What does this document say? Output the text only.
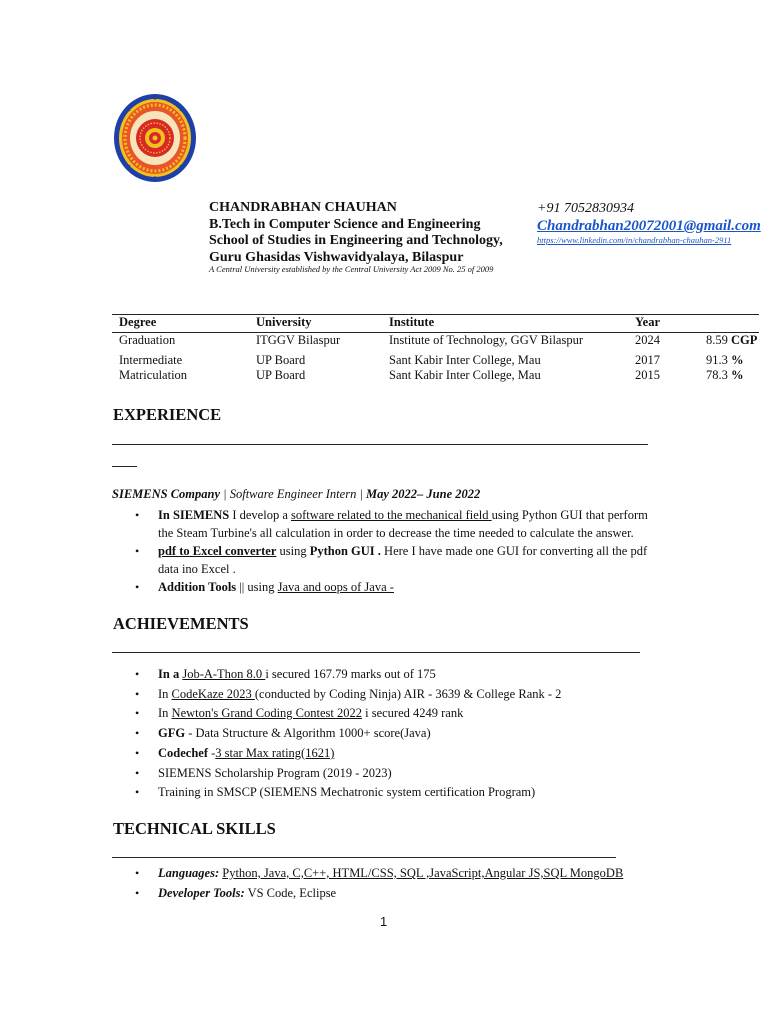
CHANDRABHAN CHAUHAN
B.Tech in Computer Science and Engineering
School of Studies in Engineering and Technology,
Guru Ghasidas Vishwavidyalaya, Bilaspur
A Central University established by the Central University Act 2009 No. 25 of 2009
+91 7052830934
Chandrabhan20072001@gmail.com
https://www.linkedin.com/in/chandrabhan-chauhan-2911
Degree	University	Institute	Year	
Graduation	ITGGV Bilaspur	Institute of Technology, GGV Bilaspur	2024	8.59 CGP
Intermediate	UP Board	Sant Kabir Inter College, Mau	2017	91.3 %
Matriculation	UP Board	Sant Kabir Inter College, Mau	2015	78.3 %
EXPERIENCE
SIEMENS Company | Software Engineer Intern | May 2022– June 2022
• In SIEMENS I develop a software related to the mechanical field using Python GUI that perform the Steam Turbine's all calculation in order to decrease the time needed to calculate the answer.
• pdf to Excel converter using Python GUI . Here I have made one GUI for converting all the pdf data ino Excel .
• Addition Tools || using Java and oops of Java -
ACHIEVEMENTS
• In a Job-A-Thon 8.0 i secured 167.79 marks out of 175
• In CodeKaze 2023 (conducted by Coding Ninja) AIR - 3639 & College Rank - 2
• In Newton's Grand Coding Contest 2022 i secured 4249 rank
• GFG - Data Structure & Algorithm 1000+ score(Java)
• Codechef -3 star Max rating(1621)
• SIEMENS Scholarship Program (2019 - 2023)
• Training in SMSCP (SIEMENS Mechatronic system certification Program)
TECHNICAL SKILLS
• Languages: Python, Java, C,C++, HTML/CSS, SQL ,JavaScript,Angular JS,SQL MongoDB
• Developer Tools: VS Code, Eclipse
1
